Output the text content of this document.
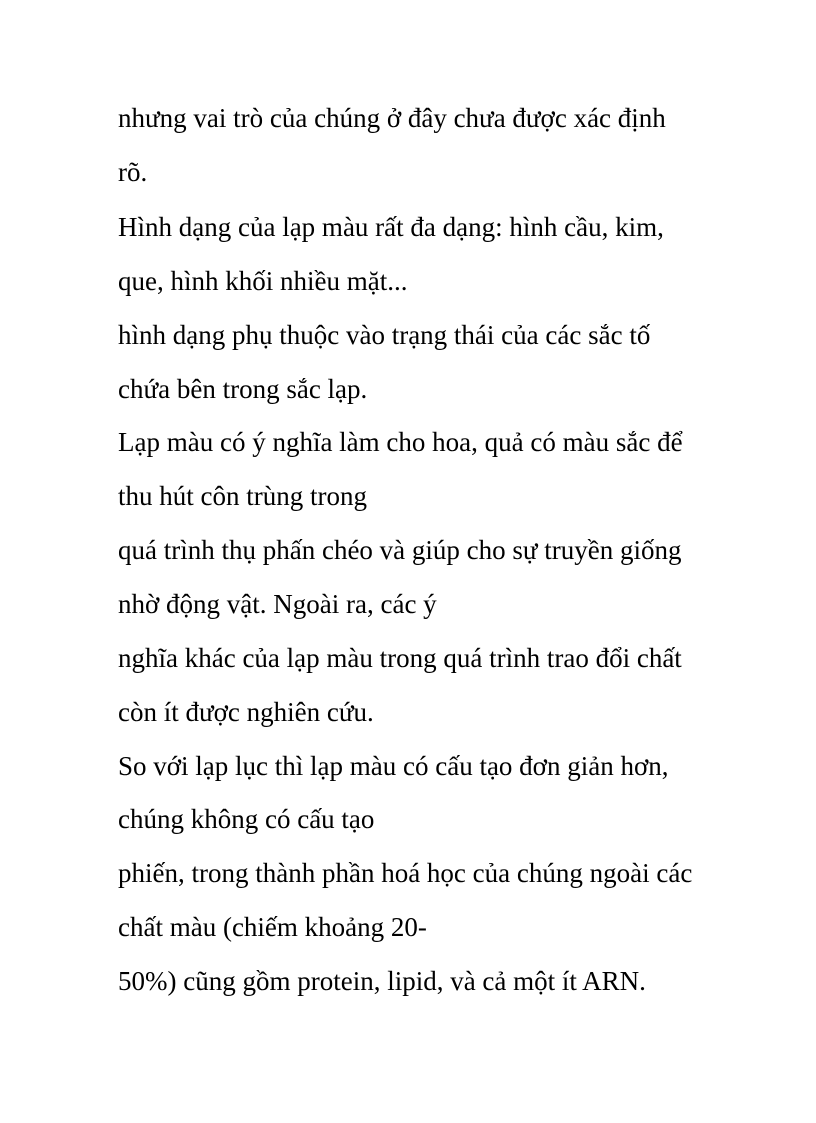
nhưng vai trò của chúng ở đây chưa được xác định

rõ.

Hình dạng của lạp màu rất đa dạng: hình cầu, kim,

que, hình khối nhiều mặt...

hình dạng phụ thuộc vào trạng thái của các sắc tố

chứa bên trong sắc lạp.

Lạp màu có ý nghĩa làm cho hoa, quả có màu sắc để

thu hút côn trùng trong

quá trình thụ phấn chéo và giúp cho sự truyền giống

nhờ động vật. Ngoài ra, các ý

nghĩa khác của lạp màu trong quá trình trao đổi chất

còn ít được nghiên cứu.

So với lạp lục thì lạp màu có cấu tạo đơn giản hơn,

chúng không có cấu tạo

phiến, trong thành phần hoá học của chúng ngoài các

chất màu (chiếm khoảng 20-

50%) cũng gồm protein, lipid, và cả một ít ARN.
